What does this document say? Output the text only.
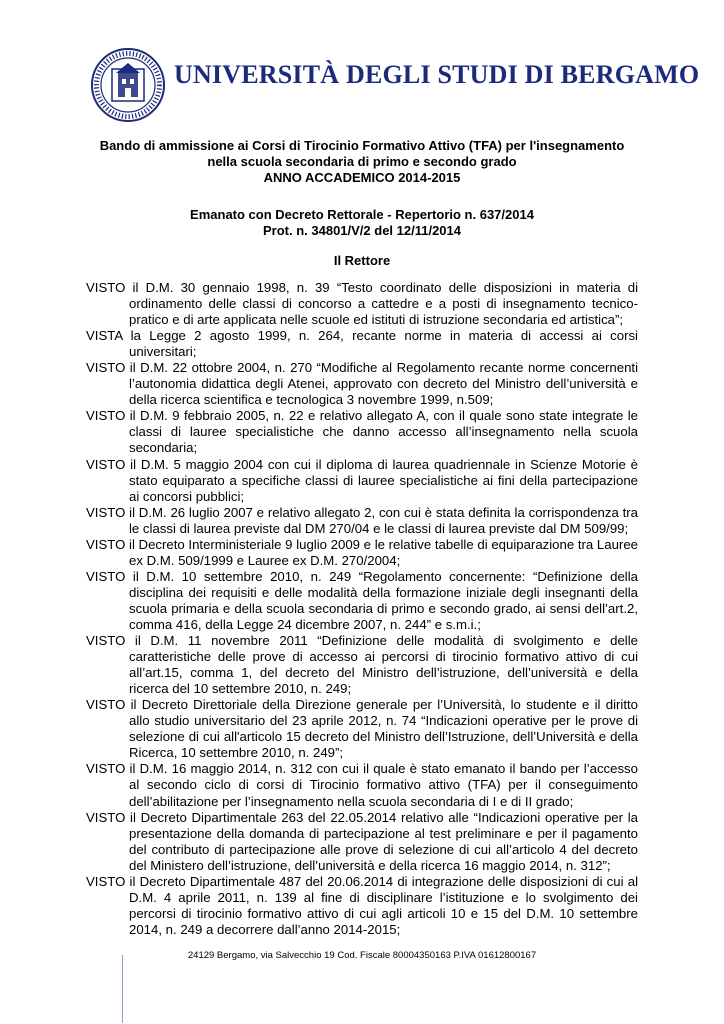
UNIVERSITÀ DEGLI STUDI DI BERGAMO
Bando di ammissione ai Corsi di Tirocinio Formativo Attivo (TFA) per l'insegnamento
nella scuola secondaria di primo e secondo grado
ANNO ACCADEMICO 2014-2015
Emanato con Decreto Rettorale - Repertorio n. 637/2014
Prot. n. 34801/V/2 del 12/11/2014
Il Rettore

VISTO il D.M. 30 gennaio 1998, n. 39 “Testo coordinato delle disposizioni in materia di ordinamento delle classi di concorso a cattedre e a posti di insegnamento tecnico-pratico e di arte applicata nelle scuole ed istituti di istruzione secondaria ed artistica”;

VISTA la Legge 2 agosto 1999, n. 264, recante norme in materia di accessi ai corsi universitari;

VISTO il D.M. 22 ottobre 2004, n. 270 “Modifiche al Regolamento recante norme concernenti l’autonomia didattica degli Atenei, approvato con decreto del Ministro dell’università e della ricerca scientifica e tecnologica 3 novembre 1999, n.509;

VISTO il D.M. 9 febbraio 2005, n. 22 e relativo allegato A, con il quale sono state integrate le classi di lauree specialistiche che danno accesso all’insegnamento nella scuola secondaria;

VISTO il D.M. 5 maggio 2004 con cui il diploma di laurea quadriennale in Scienze Motorie è stato equiparato a specifiche classi di lauree specialistiche ai fini della partecipazione ai concorsi pubblici;

VISTO il D.M. 26 luglio 2007 e relativo allegato 2, con cui è stata definita la corrispondenza tra le classi di laurea previste dal DM 270/04 e le classi di laurea previste dal DM 509/99;

VISTO il Decreto Interministeriale 9 luglio 2009 e le relative tabelle di equiparazione tra Lauree ex D.M. 509/1999 e Lauree ex D.M. 270/2004;

VISTO il D.M. 10 settembre 2010, n. 249 “Regolamento concernente: “Definizione della disciplina dei requisiti e delle modalità della formazione iniziale degli insegnanti della scuola primaria e della scuola secondaria di primo e secondo grado, ai sensi dell’art.2, comma 416, della Legge 24 dicembre 2007, n. 244” e s.m.i.;

VISTO il D.M. 11 novembre 2011 “Definizione delle modalità di svolgimento e delle caratteristiche delle prove di accesso ai percorsi di tirocinio formativo attivo di cui all’art.15, comma 1, del decreto del Ministro dell’istruzione, dell’università e della ricerca del 10 settembre 2010, n. 249;

VISTO il Decreto Direttoriale della Direzione generale per l’Università, lo studente e il diritto allo studio universitario del 23 aprile 2012, n. 74 “Indicazioni operative per le prove di selezione di cui all'articolo 15 decreto del Ministro dell’Istruzione, dell’Università e della Ricerca, 10 settembre 2010, n. 249”;

VISTO il D.M. 16 maggio 2014, n. 312 con cui il quale è stato emanato il bando per l’accesso al secondo ciclo di corsi di Tirocinio formativo attivo (TFA) per il conseguimento dell’abilitazione per l’insegnamento nella scuola secondaria di I e di II grado;

VISTO il Decreto Dipartimentale 263 del 22.05.2014 relativo alle “Indicazioni operative per la presentazione della domanda di partecipazione al test preliminare e per il pagamento del contributo di partecipazione alle prove di selezione di cui all’articolo 4 del decreto del Ministero dell’istruzione, dell’università e della ricerca 16 maggio 2014, n. 312”;

VISTO il Decreto Dipartimentale 487 del 20.06.2014 di integrazione delle disposizioni di cui al D.M. 4 aprile 2011, n. 139 al fine di disciplinare l’istituzione e lo svolgimento dei percorsi di tirocinio formativo attivo di cui agli articoli 10 e 15 del D.M. 10 settembre 2014, n. 249 a decorrere dall’anno 2014-2015;

24129 Bergamo, via Salvecchio 19 Cod. Fiscale 80004350163 P.IVA 01612800167
